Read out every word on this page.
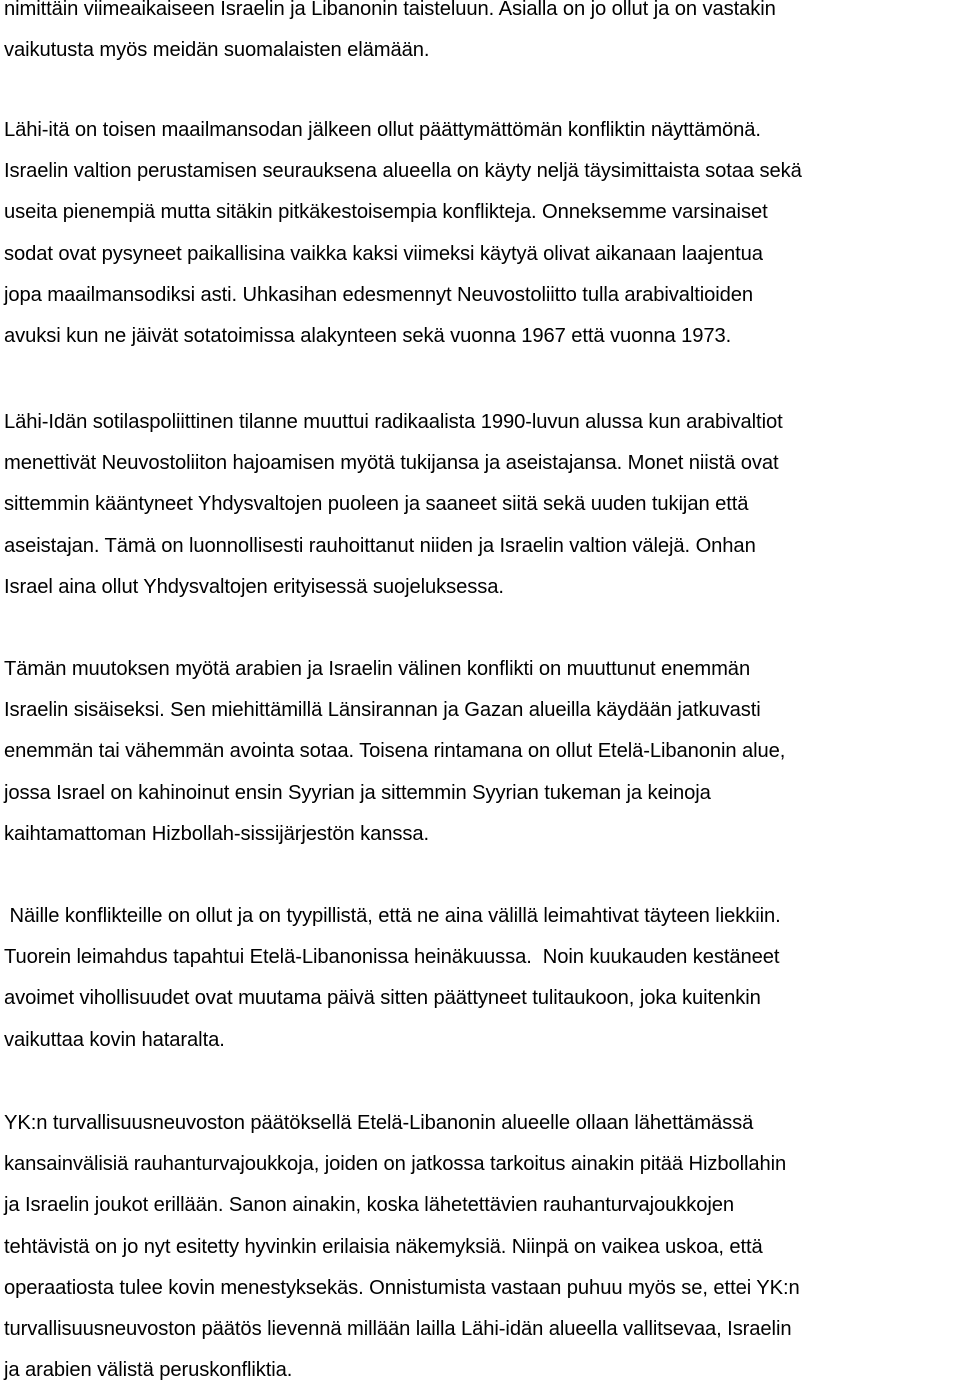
nimittäin viimeaikaiseen Israelin ja Libanonin taisteluun. Asialla on jo ollut ja on vastakin
vaikutusta myös meidän suomalaisten elämään.

Lähi-itä on toisen maailmansodan jälkeen ollut päättymättömän konfliktin näyttämönä.
Israelin valtion perustamisen seurauksena alueella on käyty neljä täysimittaista sotaa sekä
useita pienempiä mutta sitäkin pitkäkestoisempia konflikteja. Onneksemme varsinaiset
sodat ovat pysyneet paikallisina vaikka kaksi viimeksi käytyä olivat aikanaan laajentua
jopa maailmansodiksi asti. Uhkasihan edesmennyt Neuvostoliitto tulla arabivaltioiden
avuksi kun ne jäivät sotatoimissa alakynteen sekä vuonna 1967 että vuonna 1973.

Lähi-Idän sotilaspoliittinen tilanne muuttui radikaalista 1990-luvun alussa kun arabivaltiot
menettivät Neuvostoliiton hajoamisen myötä tukijansa ja aseistajansa. Monet niistä ovat
sittemmin kääntyneet Yhdysvaltojen puoleen ja saaneet siitä sekä uuden tukijan että
aseistajan. Tämä on luonnollisesti rauhoittanut niiden ja Israelin valtion välejä. Onhan
Israel aina ollut Yhdysvaltojen erityisessä suojeluksessa.

Tämän muutoksen myötä arabien ja Israelin välinen konflikti on muuttunut enemmän
Israelin sisäiseksi. Sen miehittämillä Länsirannan ja Gazan alueilla käydään jatkuvasti
enemmän tai vähemmän avointa sotaa. Toisena rintamana on ollut Etelä-Libanonin alue,
jossa Israel on kahinoinut ensin Syyrian ja sittemmin Syyrian tukeman ja keinoja
kaihtamattoman Hizbollah-sissijärjestön kanssa.

Näille konflikteille on ollut ja on tyypillistä, että ne aina välillä leimahtivat täyteen liekkiin.
Tuorein leimahdus tapahtui Etelä-Libanonissa heinäkuussa.  Noin kuukauden kestäneet
avoimet vihollisuudet ovat muutama päivä sitten päättyneet tulitaukoon, joka kuitenkin
vaikuttaa kovin hataralta.

YK:n turvallisuusneuvoston päätöksellä Etelä-Libanonin alueelle ollaan lähettämässä
kansainvälisiä rauhanturvajoukkoja, joiden on jatkossa tarkoitus ainakin pitää Hizbollahin
ja Israelin joukot erillään. Sanon ainakin, koska lähetettävien rauhanturvajoukkojen
tehtävistä on jo nyt esitetty hyvinkin erilaisia näkemyksiä. Niinpä on vaikea uskoa, että
operaatiosta tulee kovin menestyksekäs. Onnistumista vastaan puhuu myös se, ettei YK:n
turvallisuusneuvoston päätös lievennä millään lailla Lähi-idän alueella vallitsevaa, Israelin
ja arabien välistä peruskonfliktia.
